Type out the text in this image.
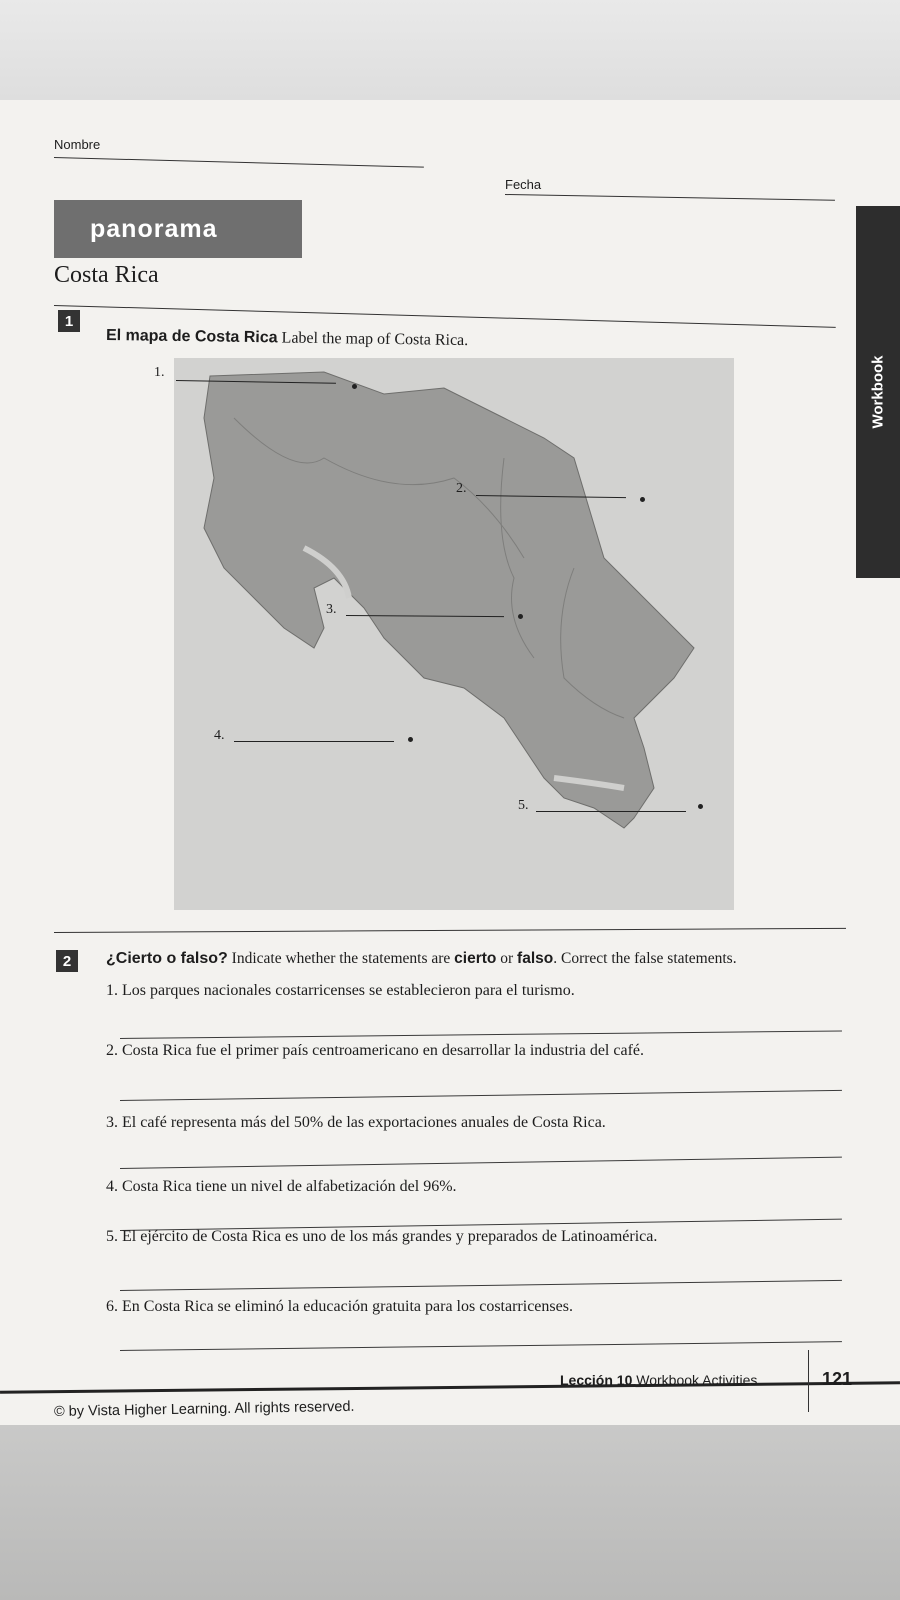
Nombre
Fecha
panorama
Costa Rica
Workbook
1
El mapa de Costa Rica Label the map of Costa Rica.
1.
2.
3.
4.
5.
2	¿Cierto o falso? Indicate whether the statements are cierto or falso. Correct the false statements.
1. Los parques nacionales costarricenses se establecieron para el turismo.
2. Costa Rica fue el primer país centroamericano en desarrollar la industria del café.
3. El café representa más del 50% de las exportaciones anuales de Costa Rica.
4. Costa Rica tiene un nivel de alfabetización del 96%.
5. El ejército de Costa Rica es uno de los más grandes y preparados de Latinoamérica.
6. En Costa Rica se eliminó la educación gratuita para los costarricenses.
Lección 10 Workbook Activities	121
© by Vista Higher Learning. All rights reserved.
